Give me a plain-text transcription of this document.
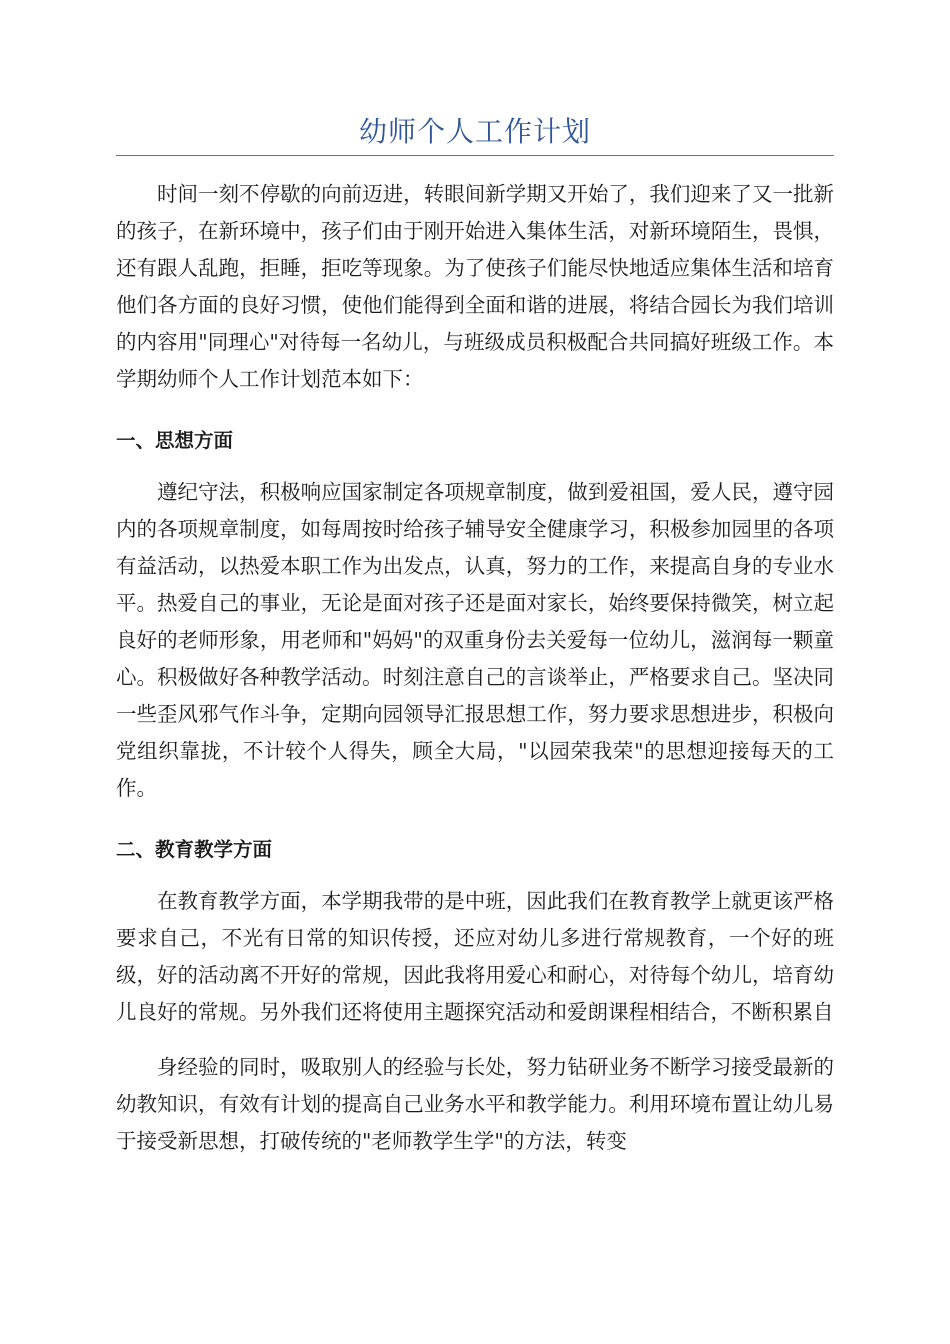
幼师个人工作计划

时间一刻不停歇的向前迈进，转眼间新学期又开始了，我们迎来了又一批新的孩子，在新环境中，孩子们由于刚开始进入集体生活，对新环境陌生，畏惧，还有跟人乱跑，拒睡，拒吃等现象。为了使孩子们能尽快地适应集体生活和培育他们各方面的良好习惯，使他们能得到全面和谐的进展，将结合园长为我们培训的内容用"同理心"对待每一名幼儿，与班级成员积极配合共同搞好班级工作。本学期幼师个人工作计划范本如下：

一、思想方面

遵纪守法，积极响应国家制定各项规章制度，做到爱祖国，爱人民，遵守园内的各项规章制度，如每周按时给孩子辅导安全健康学习，积极参加园里的各项有益活动，以热爱本职工作为出发点，认真，努力的工作，来提高自身的专业水平。热爱自己的事业，无论是面对孩子还是面对家长，始终要保持微笑，树立起良好的老师形象，用老师和"妈妈"的双重身份去关爱每一位幼儿，滋润每一颗童心。积极做好各种教学活动。时刻注意自己的言谈举止，严格要求自己。坚决同一些歪风邪气作斗争，定期向园领导汇报思想工作，努力要求思想进步，积极向党组织靠拢，不计较个人得失，顾全大局，"以园荣我荣"的思想迎接每天的工作。

二、教育教学方面

在教育教学方面，本学期我带的是中班，因此我们在教育教学上就更该严格要求自己，不光有日常的知识传授，还应对幼儿多进行常规教育，一个好的班级，好的活动离不开好的常规，因此我将用爱心和耐心，对待每个幼儿，培育幼儿良好的常规。另外我们还将使用主题探究活动和爱朗课程相结合，不断积累自

身经验的同时，吸取别人的经验与长处，努力钻研业务不断学习接受最新的幼教知识，有效有计划的提高自己业务水平和教学能力。利用环境布置让幼儿易于接受新思想，打破传统的"老师教学生学"的方法，转变
